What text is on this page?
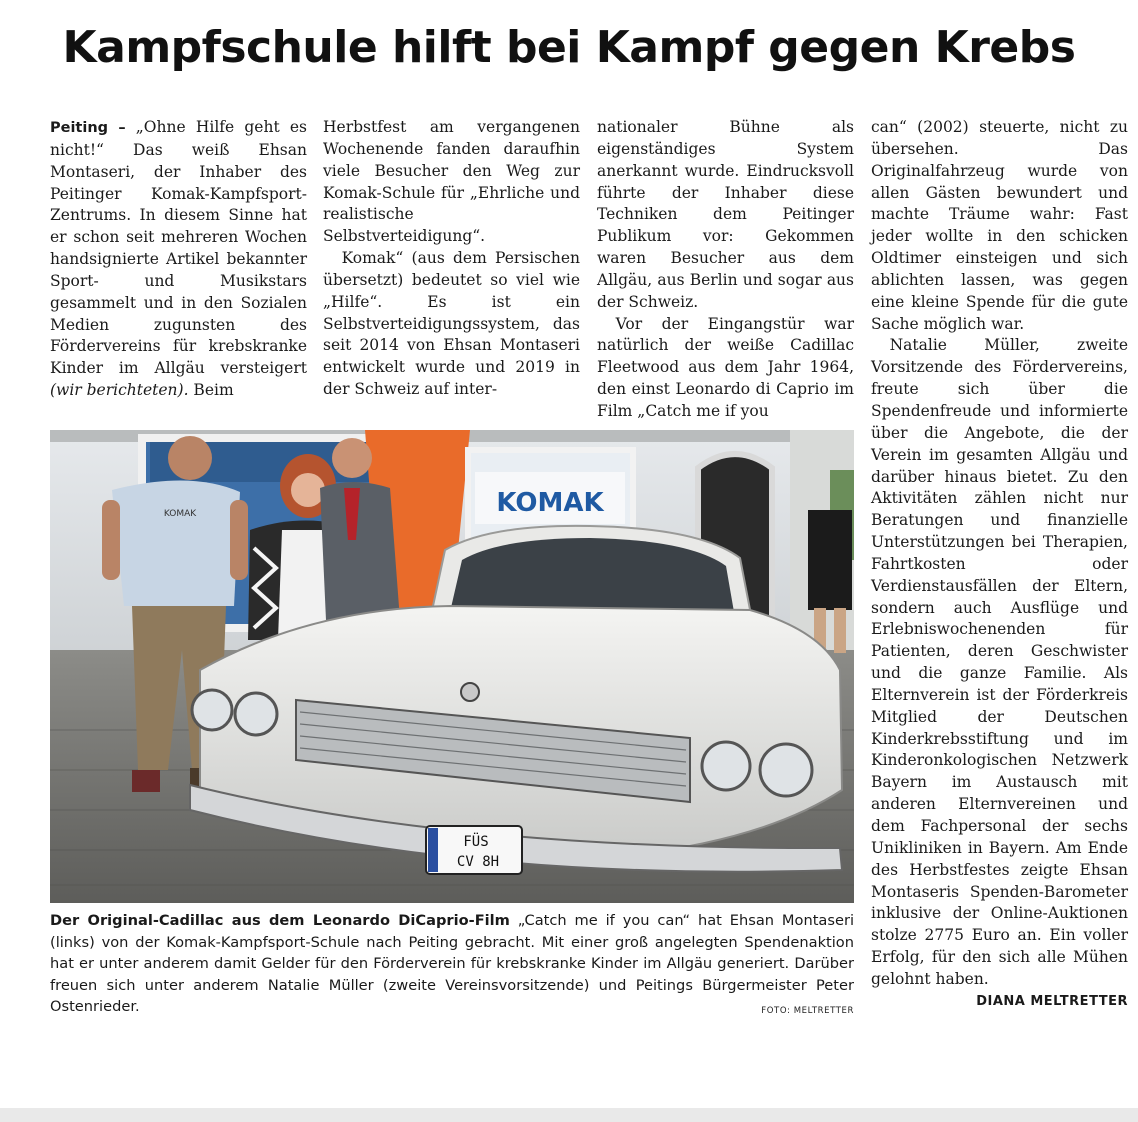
Kampfschule hilft bei Kampf gegen Krebs

Peiting – „Ohne Hilfe geht es nicht!“ Das weiß Ehsan Montaseri, der Inhaber des Peitinger Komak-Kampfsport-Zentrums. In diesem Sinne hat er schon seit mehreren Wochen handsignierte Artikel bekannter Sport- und Musikstars gesammelt und in den Sozialen Medien zugunsten des Fördervereins für krebskranke Kinder im Allgäu versteigert (wir berichteten). Beim

Herbstfest am vergangenen Wochenende fanden daraufhin viele Besucher den Weg zur Komak-Schule für „Ehrliche und realistische Selbstverteidigung“.

Komak“ (aus dem Persischen übersetzt) bedeutet so viel wie „Hilfe“. Es ist ein Selbstverteidigungssystem, das seit 2014 von Ehsan Montaseri entwickelt wurde und 2019 in der Schweiz auf inter-

nationaler Bühne als eigenständiges System anerkannt wurde. Eindrucksvoll führte der Inhaber diese Techniken dem Peitinger Publikum vor: Gekommen waren Besucher aus dem Allgäu, aus Berlin und sogar aus der Schweiz.

Vor der Eingangstür war natürlich der weiße Cadillac Fleetwood aus dem Jahr 1964, den einst Leonardo di Caprio im Film „Catch me if you

can“ (2002) steuerte, nicht zu übersehen. Das Originalfahrzeug wurde von allen Gästen bewundert und machte Träume wahr: Fast jeder wollte in den schicken Oldtimer einsteigen und sich ablichten lassen, was gegen eine kleine Spende für die gute Sache möglich war.

Natalie Müller, zweite Vorsitzende des Fördervereins, freute sich über die Spendenfreude und informierte über die Angebote, die der Verein im gesamten Allgäu und darüber hinaus bietet. Zu den Aktivitäten zählen nicht nur Beratungen und finanzielle Unterstützungen bei Therapien, Fahrtkosten oder Verdienstausfällen der Eltern, sondern auch Ausflüge und Erlebniswochenenden für Patienten, deren Geschwister und die ganze Familie. Als Elternverein ist der Förderkreis Mitglied der Deutschen Kinderkrebsstiftung und im Kinderonkologischen Netzwerk Bayern im Austausch mit anderen Elternvereinen und dem Fachpersonal der sechs Unikliniken in Bayern. Am Ende des Herbstfestes zeigte Ehsan Montaseris Spenden-Barometer inklusive der Online-Auktionen stolze 2775 Euro an. Ein voller Erfolg, für den sich alle Mühen gelohnt haben.
DIANA MELTRETTER

KOMAK
KOMAK
FÜS
CV 8H

Der Original-Cadillac aus dem Leonardo DiCaprio-Film „Catch me if you can“ hat Ehsan Montaseri (links) von der Komak-Kampfsport-Schule nach Peiting gebracht. Mit einer groß angelegten Spendenaktion hat er unter anderem damit Gelder für den Förderverein für krebskranke Kinder im Allgäu generiert. Darüber freuen sich unter anderem Natalie Müller (zweite Vereinsvorsitzende) und Peitings Bürgermeister Peter Ostenrieder.	FOTO: MELTRETTER
